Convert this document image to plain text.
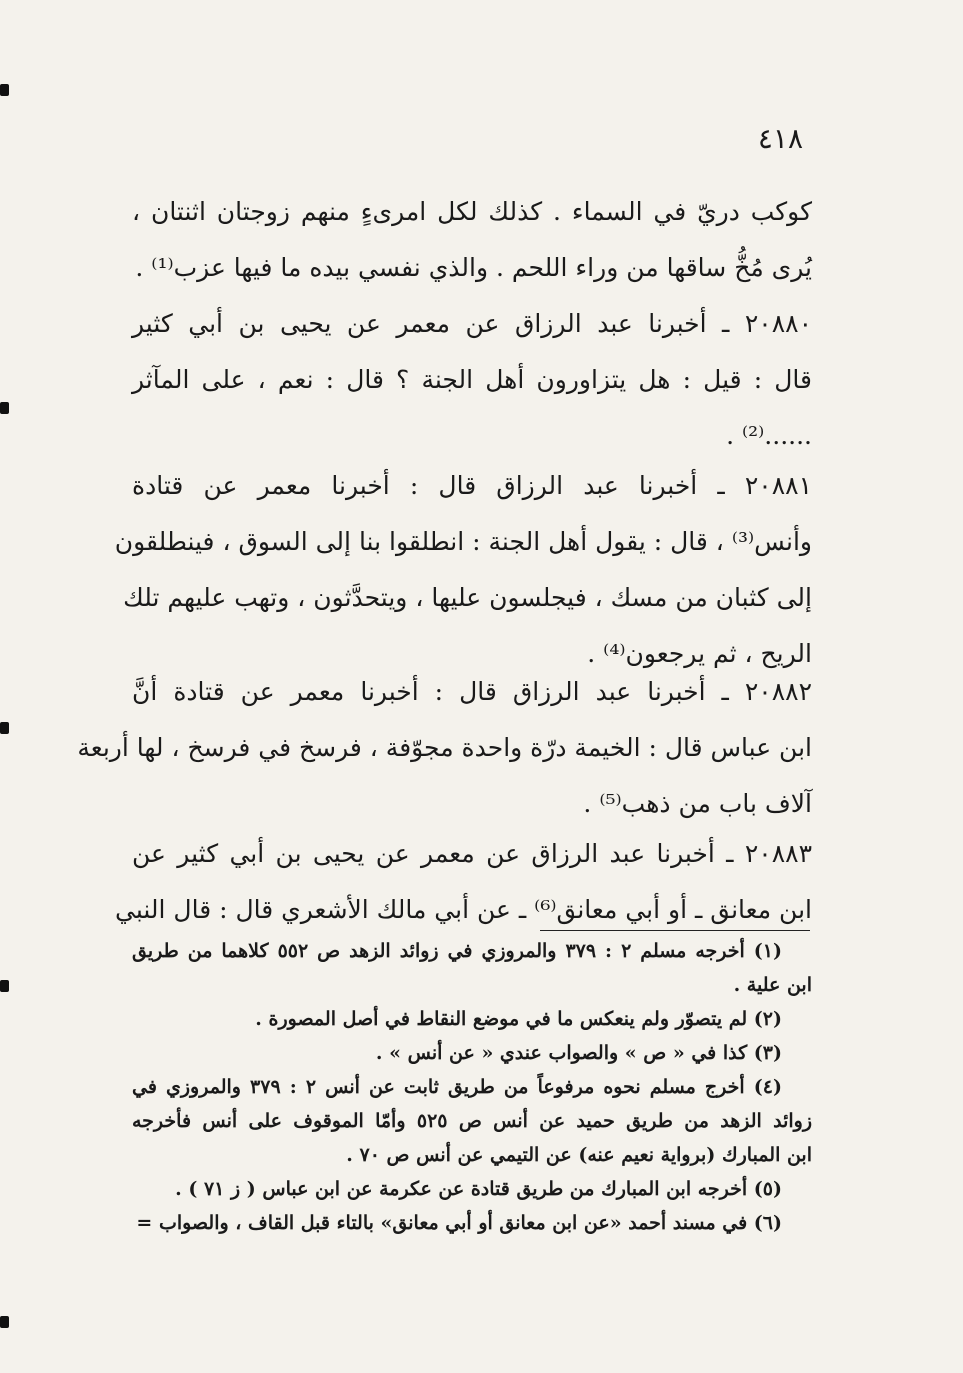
٤١٨
كوكب دريّ في السماء . كذلك لكل امرىءٍ منهم زوجتان اثنتان ،
يُرى مُخُّ ساقها من وراء اللحم . والذي نفسي بيده ما فيها عزب⁽¹⁾ .
٢٠٨٨٠ ـ أخبرنا عبد الرزاق عن معمر عن يحيى بن أبي كثير
قال : قيل : هل يتزاورون أهل الجنة ؟ قال : نعم ، على المآثر
......⁽²⁾ .
٢٠٨٨١ ـ أخبرنا عبد الرزاق قال : أخبرنا معمر عن قتادة
وأنس⁽³⁾ ، قال : يقول أهل الجنة : انطلقوا بنا إلى السوق ، فينطلقون
إلى كثبان من مسك ، فيجلسون عليها ، ويتحدَّثون ، وتهب عليهم تلك
الريح ، ثم يرجعون⁽⁴⁾ .
٢٠٨٨٢ ـ أخبرنا عبد الرزاق قال : أخبرنا معمر عن قتادة أنَّ
ابن عباس قال : الخيمة درّة واحدة مجوّفة ، فرسخ في فرسخ ، لها أربعة
آلاف باب من ذهب⁽⁵⁾ .
٢٠٨٨٣ ـ أخبرنا عبد الرزاق عن معمر عن يحيى بن أبي كثير عن
ابن معانق ـ أو أبي معانق⁽⁶⁾ ـ عن أبي مالك الأشعري قال : قال النبي
(١) أخرجه مسلم ٢ : ٣٧٩ والمروزي في زوائد الزهد ص ٥٥٢ كلاهما من طريق
ابن علية .
(٢) لم يتصوّر ولم ينعكس ما في موضع النقاط في أصل المصورة .
(٣) كذا في « ص » والصواب عندي « عن أنس » .
(٤) أخرج مسلم نحوه مرفوعاً من طريق ثابت عن أنس ٢ : ٣٧٩ والمروزي في
زوائد الزهد من طريق حميد عن أنس ص ٥٢٥ وأمّا الموقوف على أنس فأخرجه
ابن المبارك (برواية نعيم عنه) عن التيمي عن أنس ص ٧٠ .
(٥) أخرجه ابن المبارك من طريق قتادة عن عكرمة عن ابن عباس ( ز ٧١ ) .
(٦) في مسند أحمد «عن ابن معانق أو أبي معانق» بالتاء قبل القاف ، والصواب =
